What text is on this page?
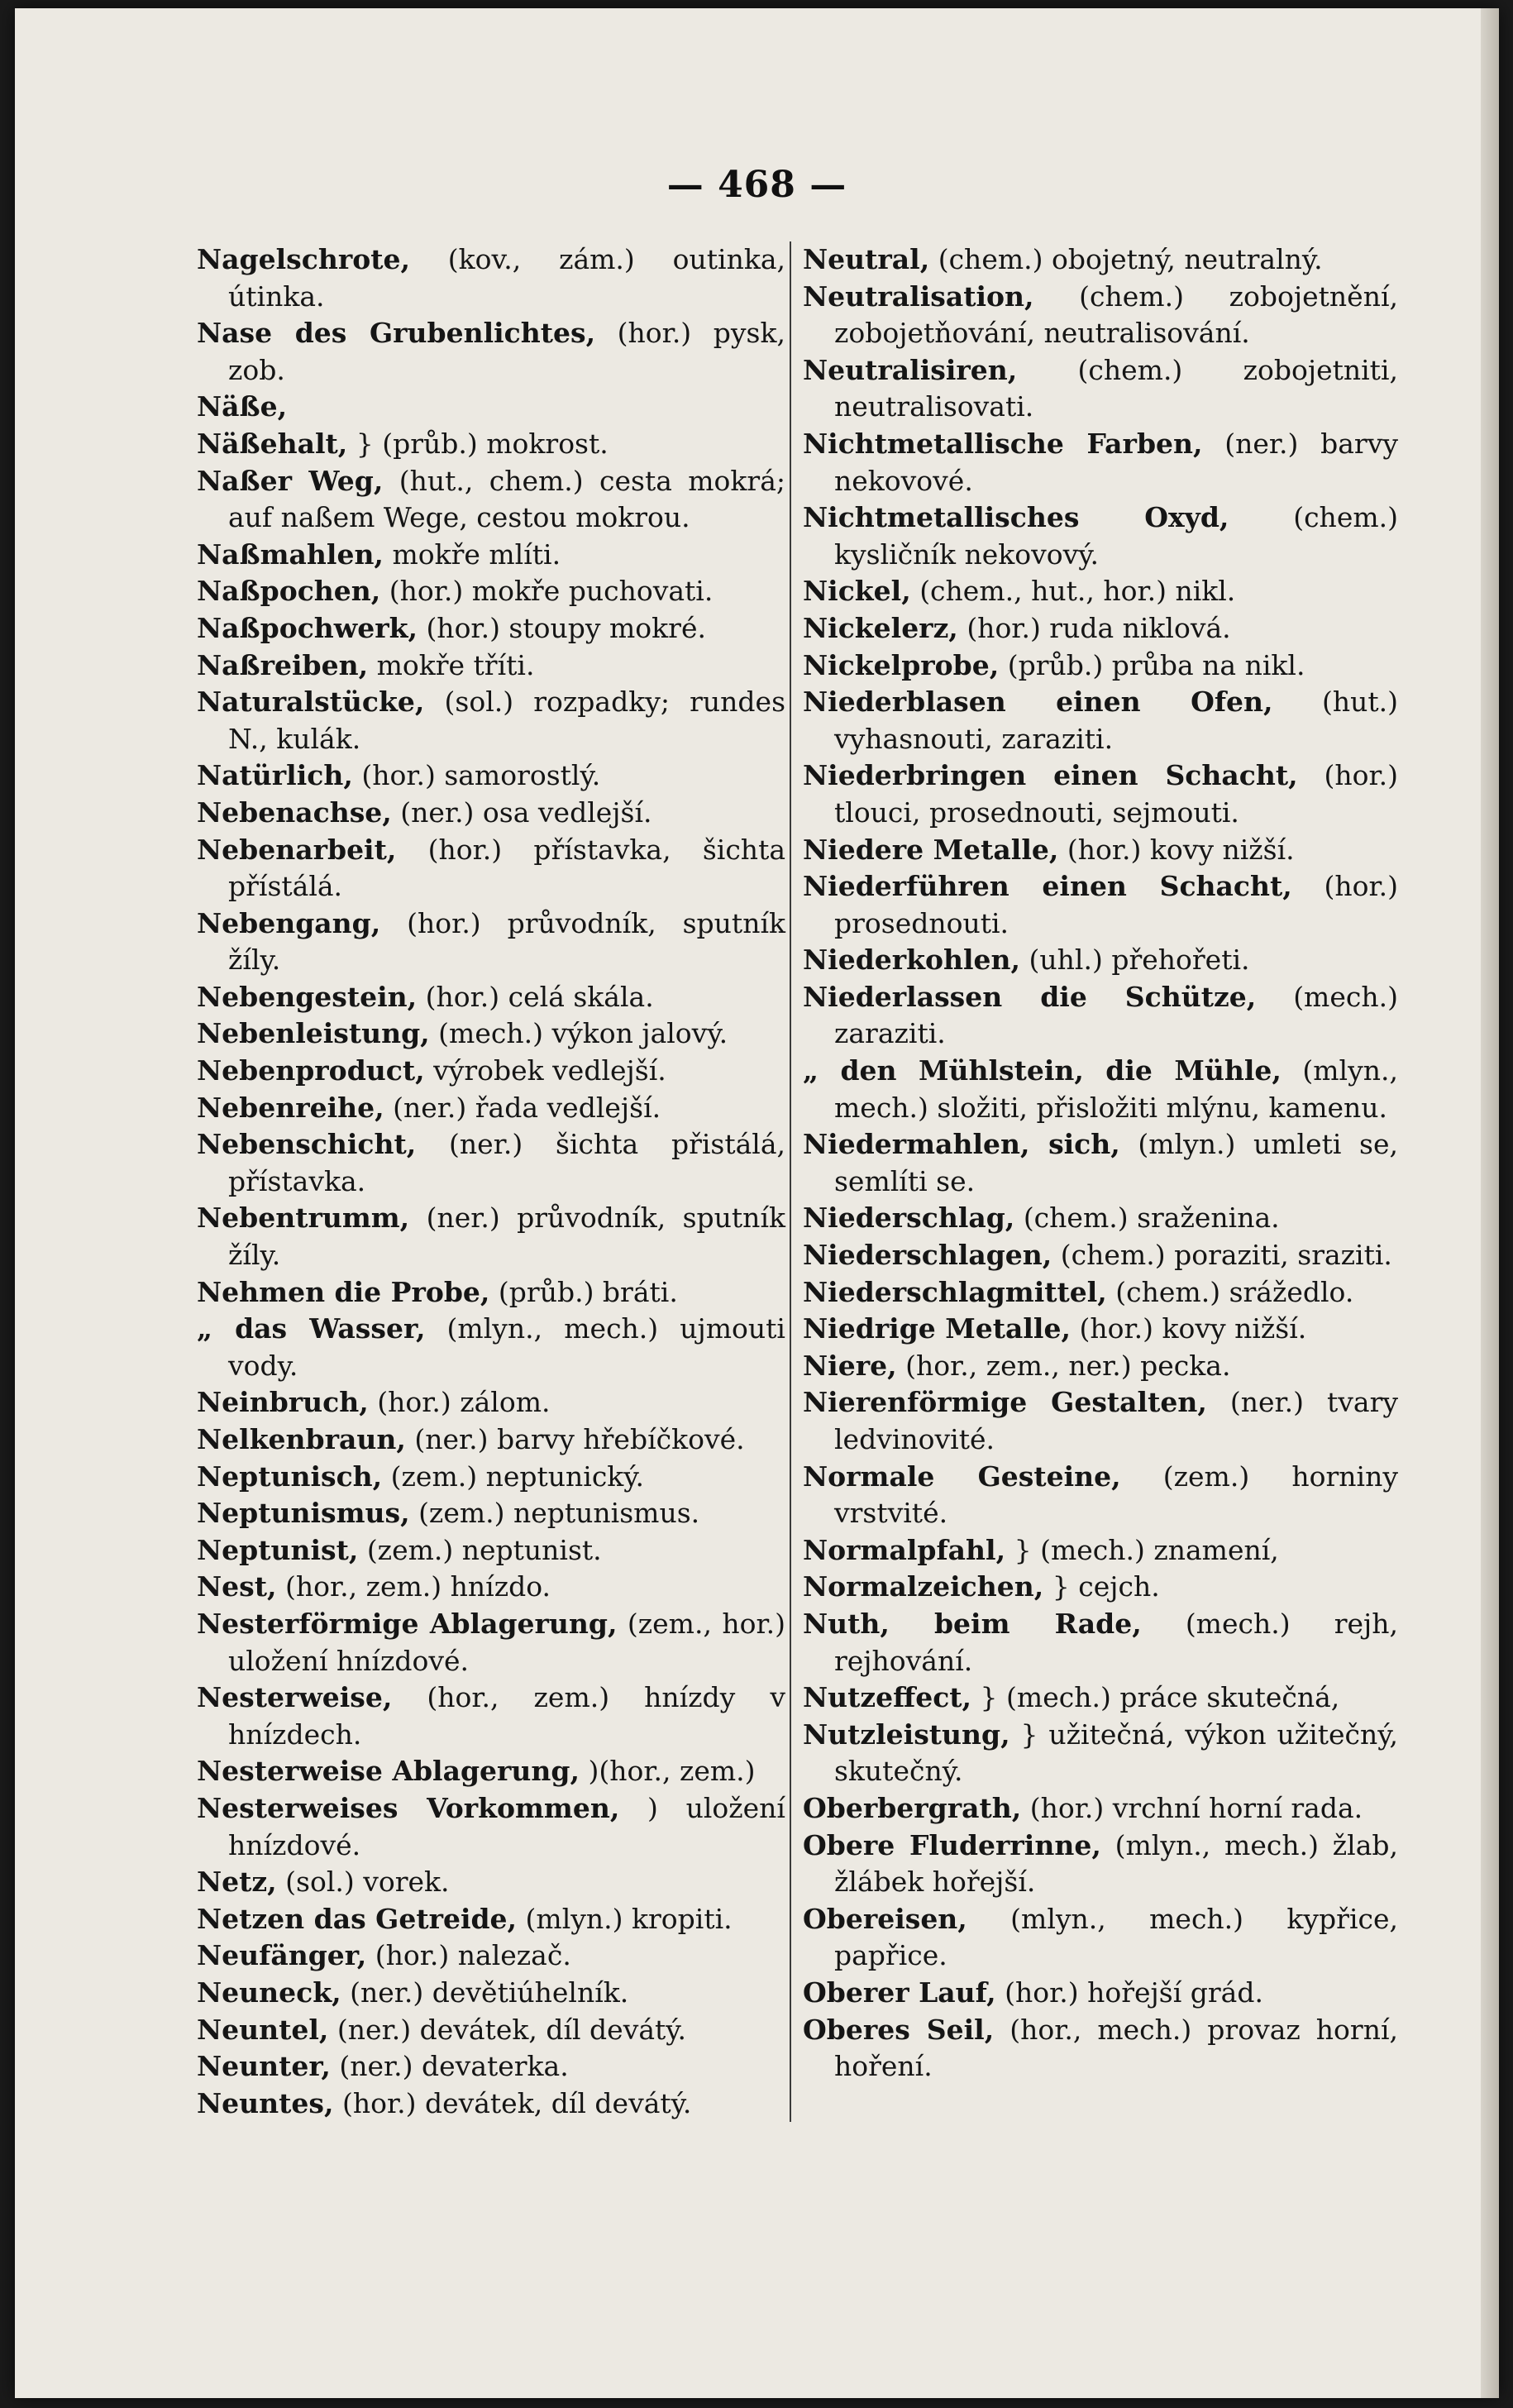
— 468 —

Nagelschrote, (kov., zám.) outinka, útinka.

Nase des Grubenlichtes, (hor.) pysk, zob.

Näße,

Näßehalt, } (průb.) mokrost.

Naßer Weg, (hut., chem.) cesta mokrá; auf naßem Wege, cestou mokrou.

Naßmahlen, mokře mlíti.

Naßpochen, (hor.) mokře puchovati.

Naßpochwerk, (hor.) stoupy mokré.

Naßreiben, mokře tříti.

Naturalstücke, (sol.) rozpadky; rundes N., kulák.

Natürlich, (hor.) samorostlý.

Nebenachse, (ner.) osa vedlejší.

Nebenarbeit, (hor.) přístavka, šichta přístálá.

Nebengang, (hor.) průvodník, sputník žíly.

Nebengestein, (hor.) celá skála.

Nebenleistung, (mech.) výkon jalový.

Nebenproduct, výrobek vedlejší.

Nebenreihe, (ner.) řada vedlejší.

Nebenschicht, (ner.) šichta přistálá, přístavka.

Nebentrumm, (ner.) průvodník, sputník žíly.

Nehmen die Probe, (průb.) bráti.

„ das Wasser, (mlyn., mech.) ujmouti vody.

Neinbruch, (hor.) zálom.

Nelkenbraun, (ner.) barvy hřebíčkové.

Neptunisch, (zem.) neptunický.

Neptunismus, (zem.) neptunismus.

Neptunist, (zem.) neptunist.

Nest, (hor., zem.) hnízdo.

Nesterförmige Ablagerung, (zem., hor.) uložení hnízdové.

Nesterweise, (hor., zem.) hnízdy v hnízdech.

Nesterweise Ablagerung, )(hor., zem.)

Nesterweises Vorkommen, ) uložení hnízdové.

Netz, (sol.) vorek.

Netzen das Getreide, (mlyn.) kropiti.

Neufänger, (hor.) nalezač.

Neuneck, (ner.) devětiúhelník.

Neuntel, (ner.) devátek, díl devátý.

Neunter, (ner.) devaterka.

Neuntes, (hor.) devátek, díl devátý.

Neutral, (chem.) obojetný, neutralný.

Neutralisation, (chem.) zobojetnění, zobojetňování, neutralisování.

Neutralisiren, (chem.) zobojetniti, neutralisovati.

Nichtmetallische Farben, (ner.) barvy nekovové.

Nichtmetallisches Oxyd, (chem.) kysličník nekovový.

Nickel, (chem., hut., hor.) nikl.

Nickelerz, (hor.) ruda niklová.

Nickelprobe, (průb.) průba na nikl.

Niederblasen einen Ofen, (hut.) vyhasnouti, zaraziti.

Niederbringen einen Schacht, (hor.) tlouci, prosednouti, sejmouti.

Niedere Metalle, (hor.) kovy nižší.

Niederführen einen Schacht, (hor.) prosednouti.

Niederkohlen, (uhl.) přehořeti.

Niederlassen die Schütze, (mech.) zaraziti.

„ den Mühlstein, die Mühle, (mlyn., mech.) složiti, přisložiti mlýnu, kamenu.

Niedermahlen, sich, (mlyn.) umleti se, semlíti se.

Niederschlag, (chem.) sraženina.

Niederschlagen, (chem.) poraziti, sraziti.

Niederschlagmittel, (chem.) srážedlo.

Niedrige Metalle, (hor.) kovy nižší.

Niere, (hor., zem., ner.) pecka.

Nierenförmige Gestalten, (ner.) tvary ledvinovité.

Normale Gesteine, (zem.) horniny vrstvité.

Normalpfahl, } (mech.) znamení,

Normalzeichen, } cejch.

Nuth, beim Rade, (mech.) rejh, rejhování.

Nutzeffect, } (mech.) práce skutečná,

Nutzleistung, } užitečná, výkon užitečný, skutečný.

Oberbergrath, (hor.) vrchní horní rada.

Obere Fluderrinne, (mlyn., mech.) žlab, žlábek hořejší.

Obereisen, (mlyn., mech.) kypřice, papřice.

Oberer Lauf, (hor.) hořejší grád.

Oberes Seil, (hor., mech.) provaz horní, hoření.
